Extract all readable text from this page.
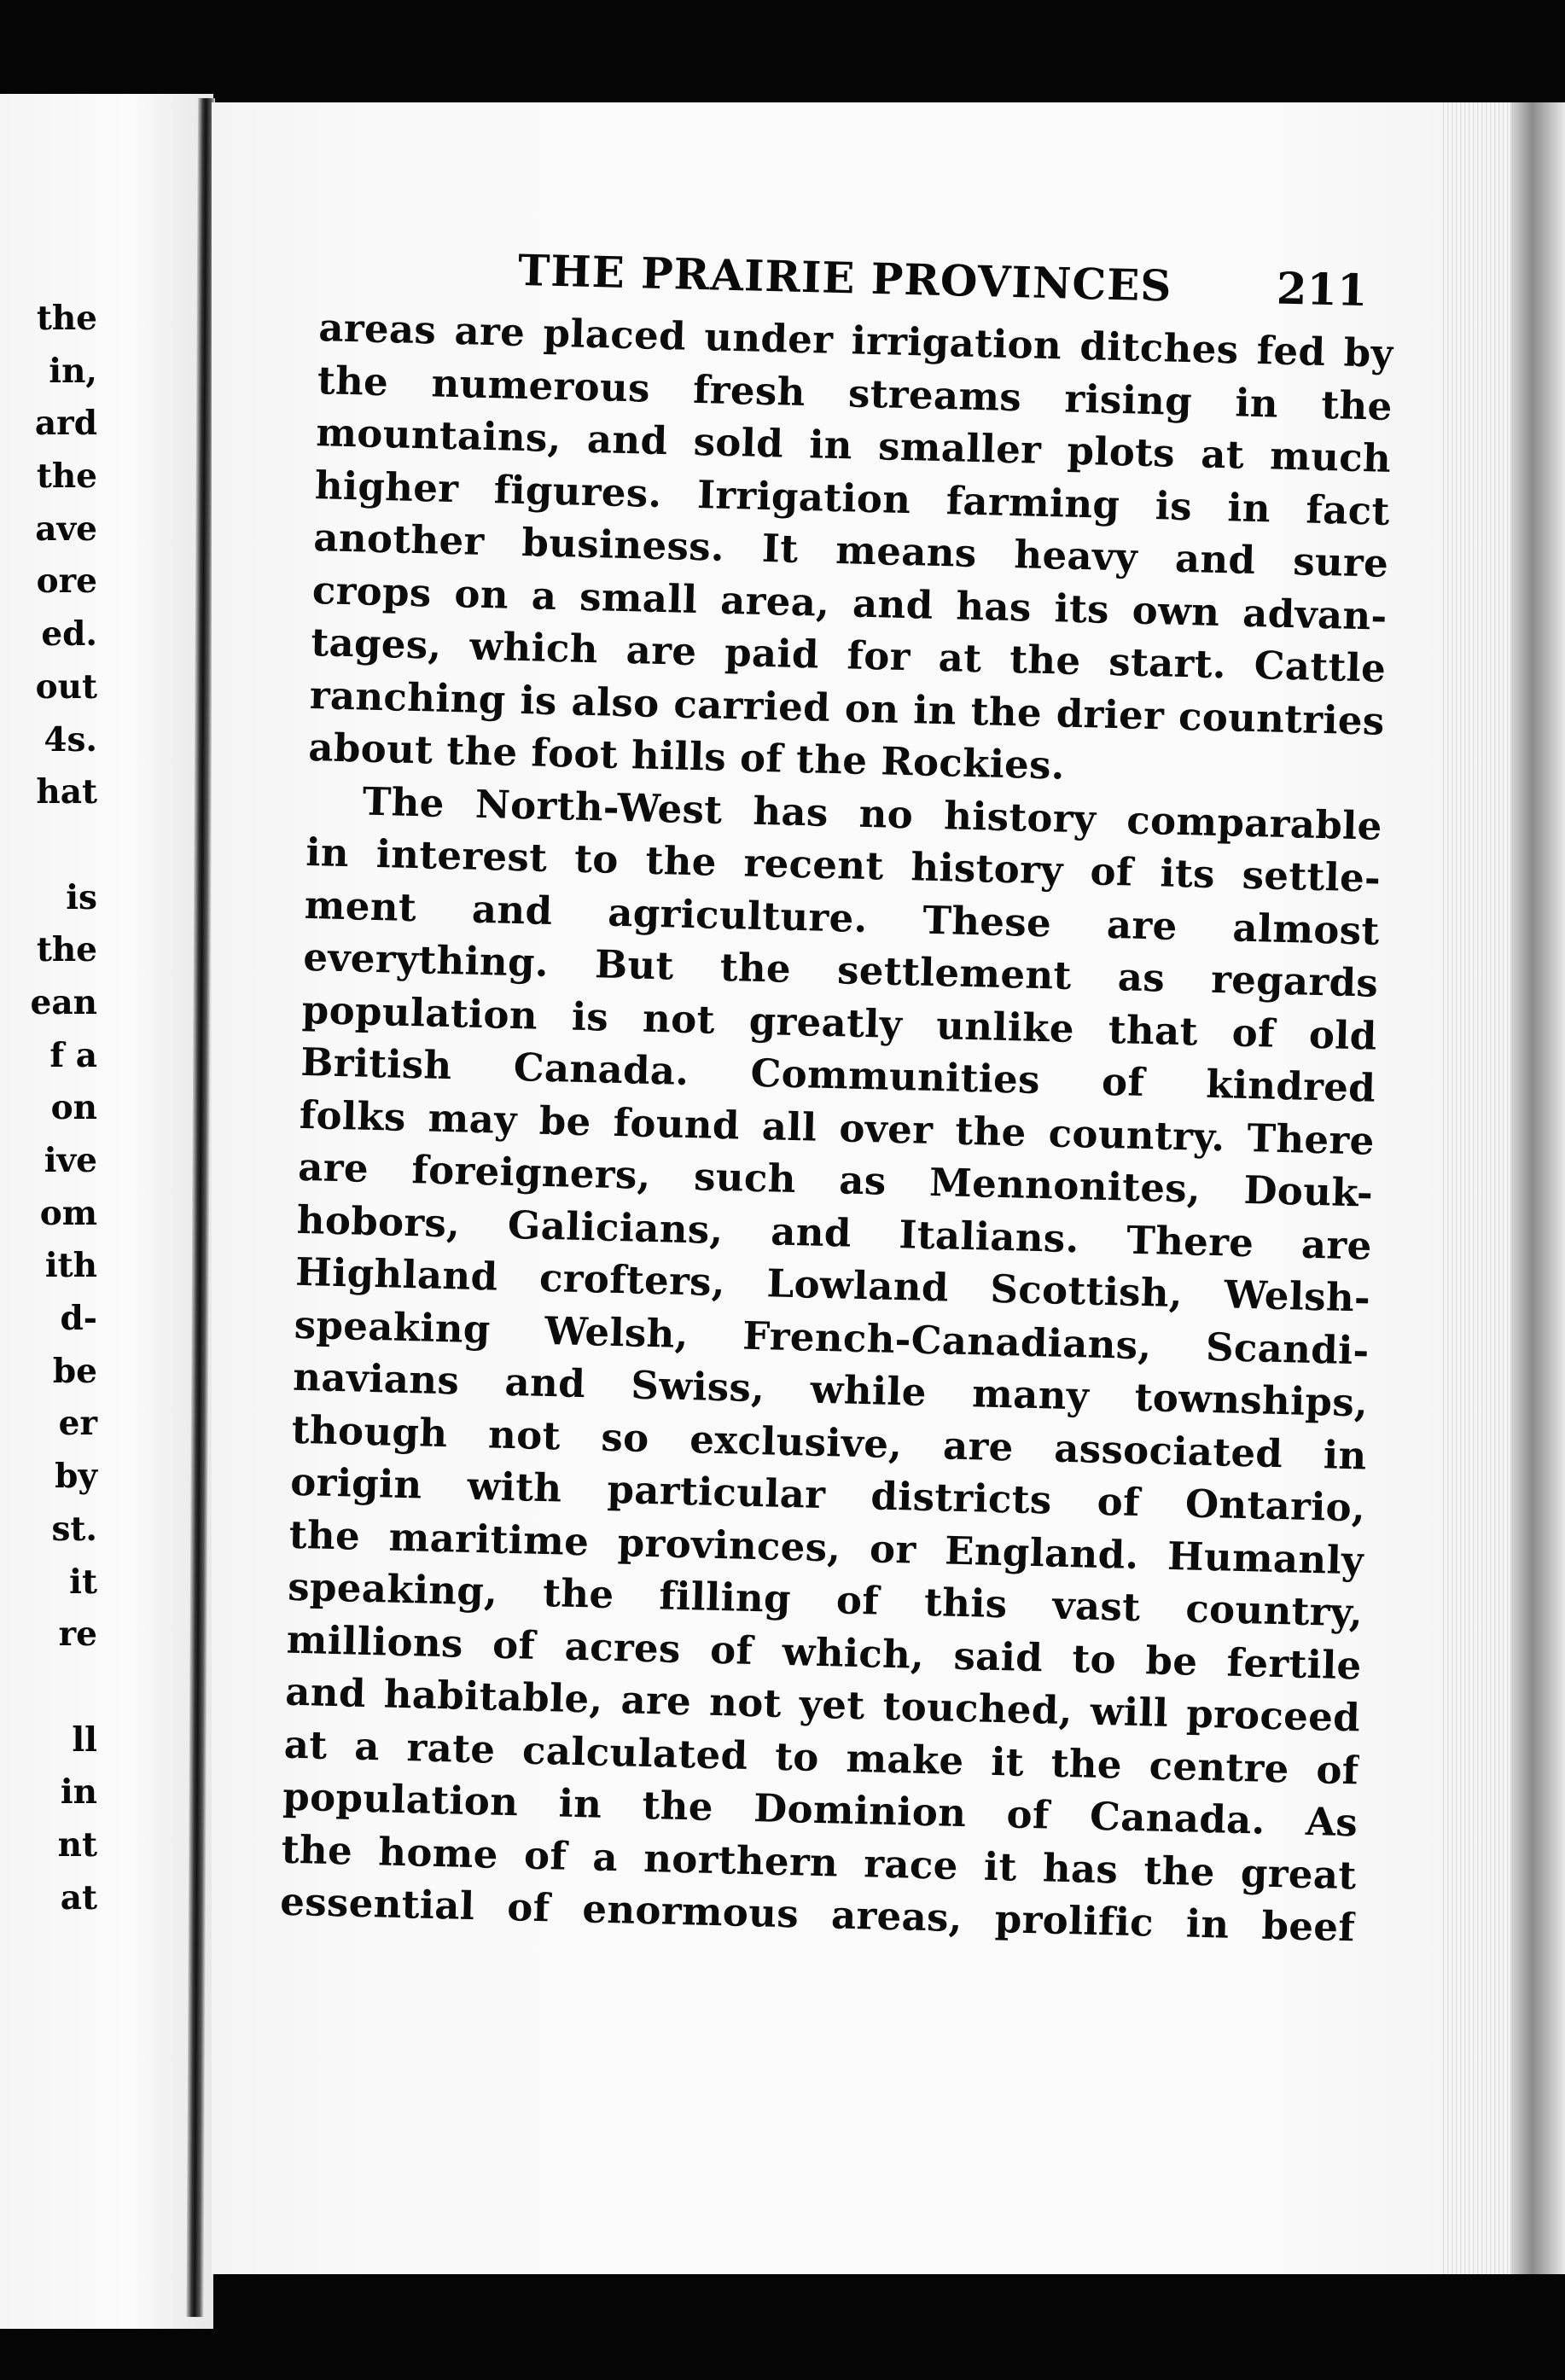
the
in,
ard
the
ave
ore
ed.
out
4s.
hat
is
the
ean
f a
on
ive
om
ith
d-
be
er
by
st.
it
re
ll
in
nt
at
THE PRAIRIE PROVINCES	211
areas are placed under irrigation ditches fed by
the numerous fresh streams rising in the
mountains, and sold in smaller plots at much
higher figures. Irrigation farming is in fact
another business. It means heavy and sure
crops on a small area, and has its own advan-
tages, which are paid for at the start. Cattle
ranching is also carried on in the drier countries
about the foot hills of the Rockies.
The North-West has no history comparable
in interest to the recent history of its settle-
ment and agriculture. These are almost
everything. But the settlement as regards
population is not greatly unlike that of old
British Canada. Communities of kindred
folks may be found all over the country. There
are foreigners, such as Mennonites, Douk-
hobors, Galicians, and Italians. There are
Highland crofters, Lowland Scottish, Welsh-
speaking Welsh, French-Canadians, Scandi-
navians and Swiss, while many townships,
though not so exclusive, are associated in
origin with particular districts of Ontario,
the maritime provinces, or England. Humanly
speaking, the filling of this vast country,
millions of acres of which, said to be fertile
and habitable, are not yet touched, will proceed
at a rate calculated to make it the centre of
population in the Dominion of Canada. As
the home of a northern race it has the great
essential of enormous areas, prolific in beef
